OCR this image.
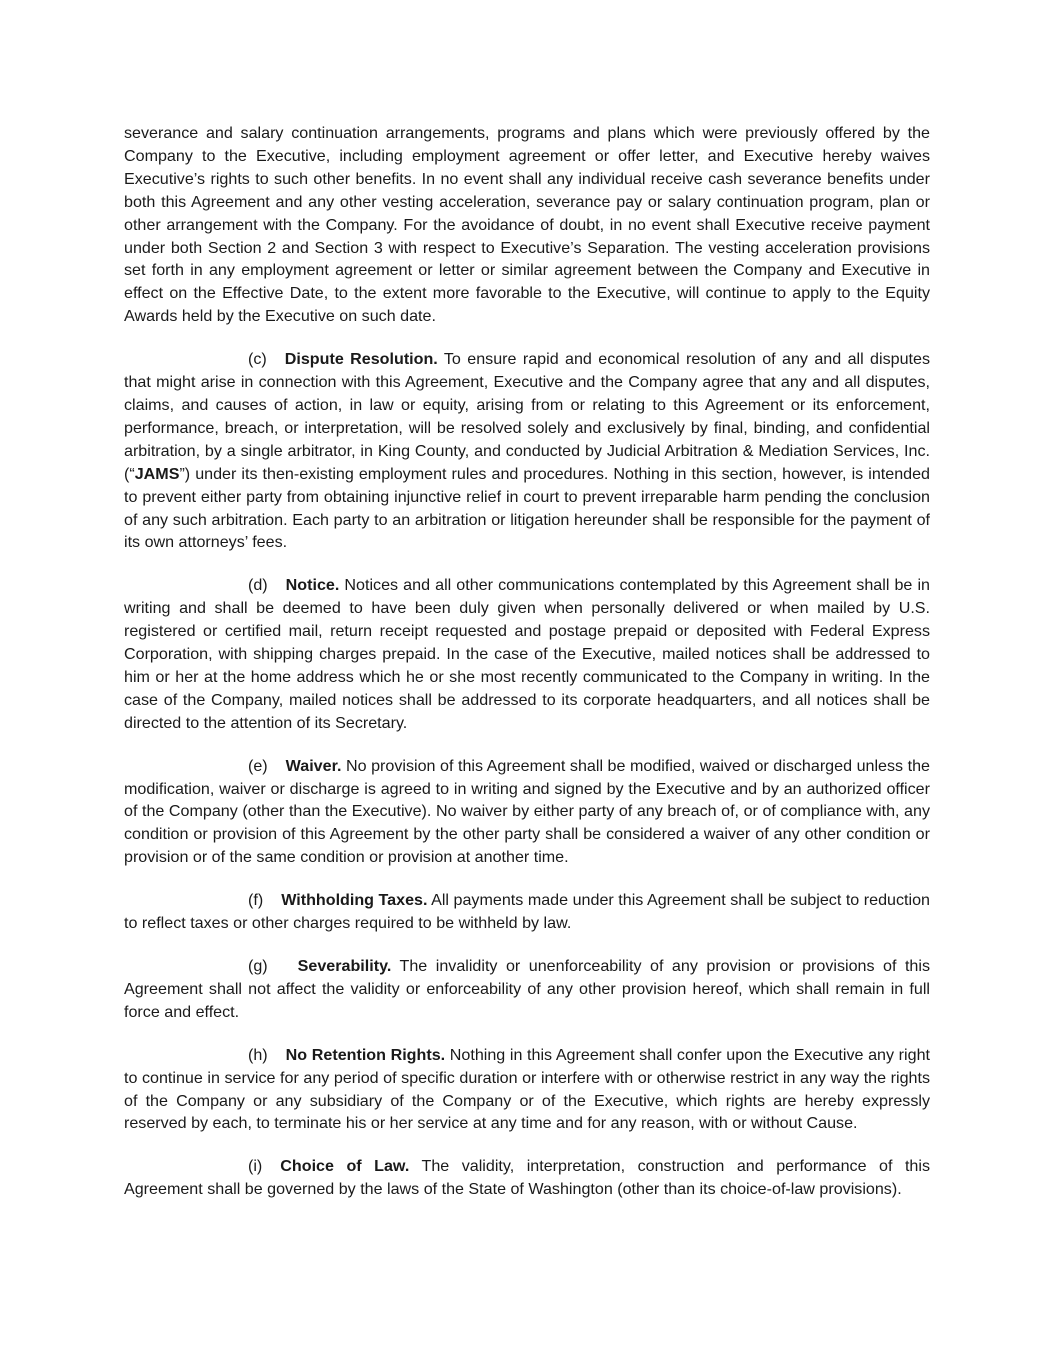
severance and salary continuation arrangements, programs and plans which were previously offered by the Company to the Executive, including employment agreement or offer letter, and Executive hereby waives Executive’s rights to such other benefits. In no event shall any individual receive cash severance benefits under both this Agreement and any other vesting acceleration, severance pay or salary continuation program, plan or other arrangement with the Company. For the avoidance of doubt, in no event shall Executive receive payment under both Section 2 and Section 3 with respect to Executive’s Separation. The vesting acceleration provisions set forth in any employment agreement or letter or similar agreement between the Company and Executive in effect on the Effective Date, to the extent more favorable to the Executive, will continue to apply to the Equity Awards held by the Executive on such date.

(c) Dispute Resolution. To ensure rapid and economical resolution of any and all disputes that might arise in connection with this Agreement, Executive and the Company agree that any and all disputes, claims, and causes of action, in law or equity, arising from or relating to this Agreement or its enforcement, performance, breach, or interpretation, will be resolved solely and exclusively by final, binding, and confidential arbitration, by a single arbitrator, in King County, and conducted by Judicial Arbitration & Mediation Services, Inc. (“JAMS”) under its then-existing employment rules and procedures. Nothing in this section, however, is intended to prevent either party from obtaining injunctive relief in court to prevent irreparable harm pending the conclusion of any such arbitration. Each party to an arbitration or litigation hereunder shall be responsible for the payment of its own attorneys’ fees.

(d) Notice. Notices and all other communications contemplated by this Agreement shall be in writing and shall be deemed to have been duly given when personally delivered or when mailed by U.S. registered or certified mail, return receipt requested and postage prepaid or deposited with Federal Express Corporation, with shipping charges prepaid. In the case of the Executive, mailed notices shall be addressed to him or her at the home address which he or she most recently communicated to the Company in writing. In the case of the Company, mailed notices shall be addressed to its corporate headquarters, and all notices shall be directed to the attention of its Secretary.

(e) Waiver. No provision of this Agreement shall be modified, waived or discharged unless the modification, waiver or discharge is agreed to in writing and signed by the Executive and by an authorized officer of the Company (other than the Executive). No waiver by either party of any breach of, or of compliance with, any condition or provision of this Agreement by the other party shall be considered a waiver of any other condition or provision or of the same condition or provision at another time.

(f) Withholding Taxes. All payments made under this Agreement shall be subject to reduction to reflect taxes or other charges required to be withheld by law.

(g) Severability. The invalidity or unenforceability of any provision or provisions of this Agreement shall not affect the validity or enforceability of any other provision hereof, which shall remain in full force and effect.

(h) No Retention Rights. Nothing in this Agreement shall confer upon the Executive any right to continue in service for any period of specific duration or interfere with or otherwise restrict in any way the rights of the Company or any subsidiary of the Company or of the Executive, which rights are hereby expressly reserved by each, to terminate his or her service at any time and for any reason, with or without Cause.

(i) Choice of Law. The validity, interpretation, construction and performance of this Agreement shall be governed by the laws of the State of Washington (other than its choice-of-law provisions).
